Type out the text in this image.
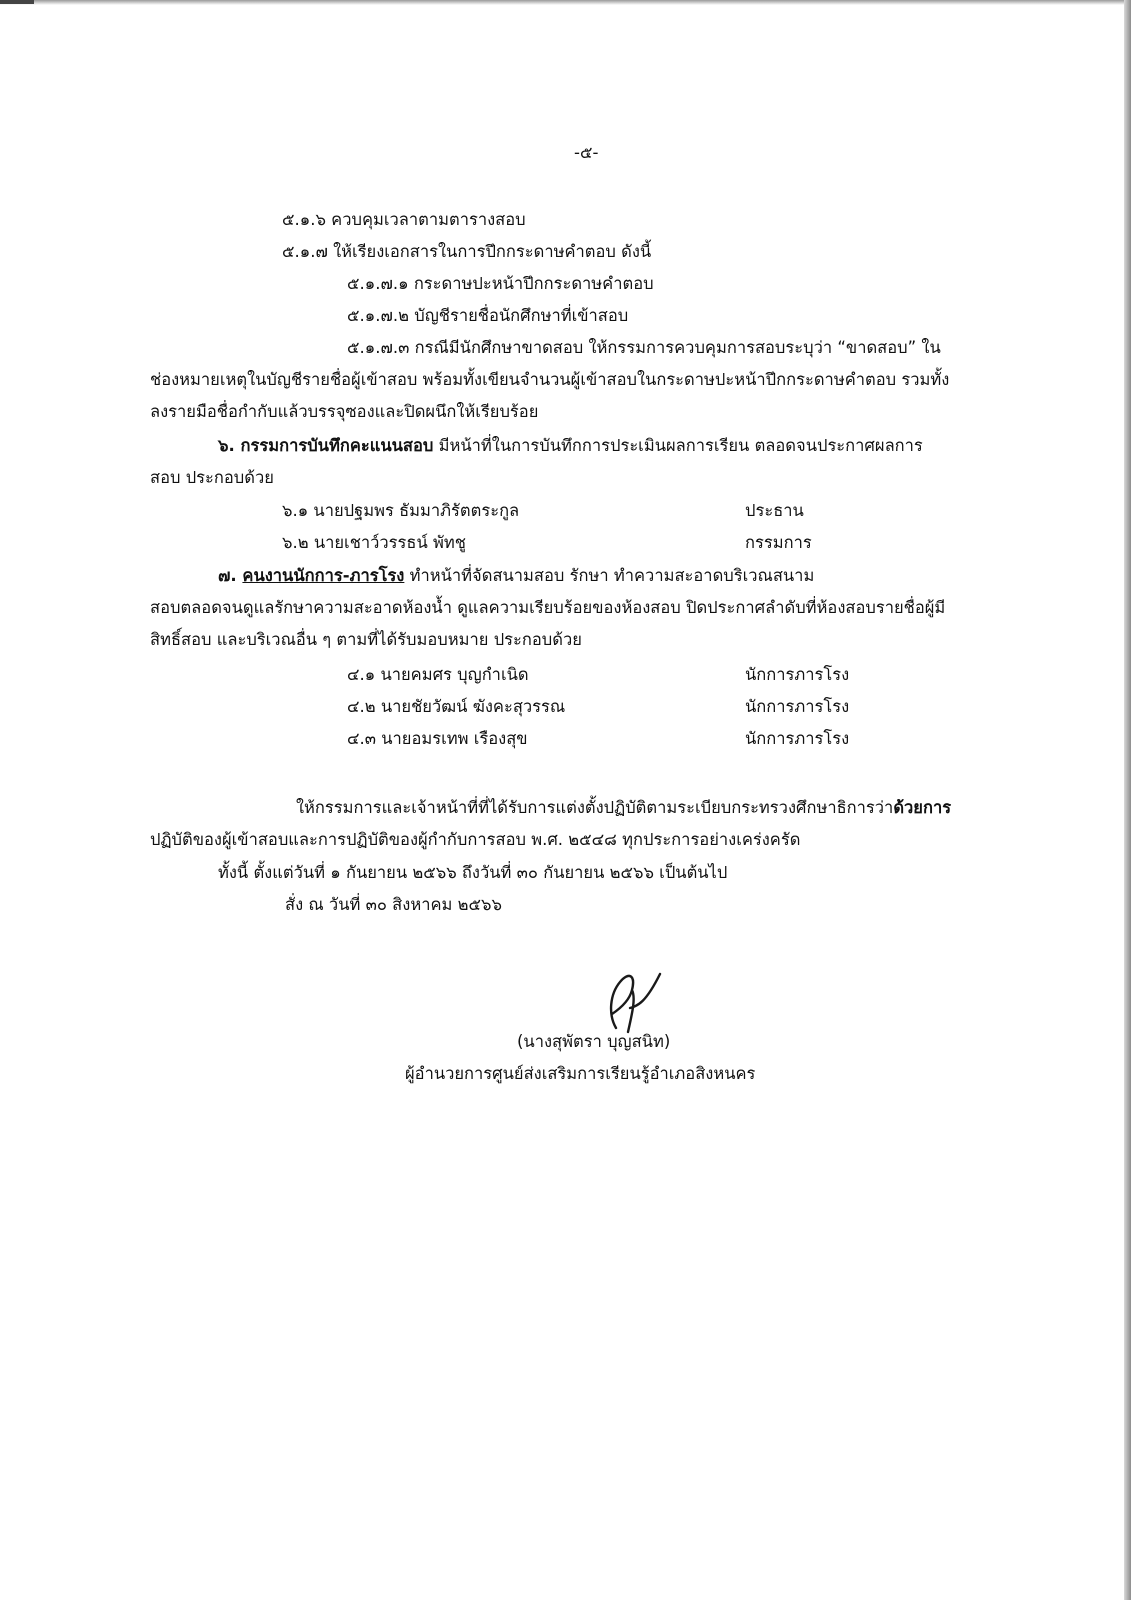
-๕-
๕.๑.๖ ควบคุมเวลาตามตารางสอบ
๕.๑.๗ ให้เรียงเอกสารในการปึกกระดาษคำตอบ ดังนี้
๕.๑.๗.๑ กระดาษปะหน้าปึกกระดาษคำตอบ
๕.๑.๗.๒ บัญชีรายชื่อนักศึกษาที่เข้าสอบ
๕.๑.๗.๓ กรณีมีนักศึกษาขาดสอบ ให้กรรมการควบคุมการสอบระบุว่า “ขาดสอบ” ใน
ช่องหมายเหตุในบัญชีรายชื่อผู้เข้าสอบ พร้อมทั้งเขียนจำนวนผู้เข้าสอบในกระดาษปะหน้าปึกกระดาษคำตอบ รวมทั้ง
ลงรายมือชื่อกำกับแล้วบรรจุซองและปิดผนึกให้เรียบร้อย
๖. กรรมการบันทึกคะแนนสอบ มีหน้าที่ในการบันทึกการประเมินผลการเรียน ตลอดจนประกาศผลการ
สอบ ประกอบด้วย
๖.๑ นายปฐมพร ธัมมาภิรัตตระกูล	ประธาน
๖.๒ นายเชาว์วรรธน์ พัทชู	กรรมการ
๗. คนงานนักการ-ภารโรง ทำหน้าที่จัดสนามสอบ รักษา ทำความสะอาดบริเวณสนาม
สอบตลอดจนดูแลรักษาความสะอาดห้องน้ำ ดูแลความเรียบร้อยของห้องสอบ ปิดประกาศลำดับที่ห้องสอบรายชื่อผู้มี
สิทธิ์สอบ และบริเวณอื่น ๆ ตามที่ได้รับมอบหมาย ประกอบด้วย
๔.๑ นายคมศร บุญกำเนิด	นักการภารโรง
๔.๒ นายชัยวัฒน์ ฆังคะสุวรรณ	นักการภารโรง
๔.๓ นายอมรเทพ เรืองสุข	นักการภารโรง
ให้กรรมการและเจ้าหน้าที่ที่ได้รับการแต่งตั้งปฏิบัติตามระเบียบกระทรวงศึกษาธิการว่าด้วยการ
ปฏิบัติของผู้เข้าสอบและการปฏิบัติของผู้กำกับการสอบ พ.ศ. ๒๕๔๘ ทุกประการอย่างเคร่งครัด
ทั้งนี้ ตั้งแต่วันที่ ๑ กันยายน ๒๕๖๖ ถึงวันที่ ๓๐ กันยายน ๒๕๖๖ เป็นต้นไป
สั่ง ณ วันที่ ๓๐ สิงหาคม ๒๕๖๖
(นางสุพัตรา บุญสนิท)
ผู้อำนวยการศูนย์ส่งเสริมการเรียนรู้อำเภอสิงหนคร
